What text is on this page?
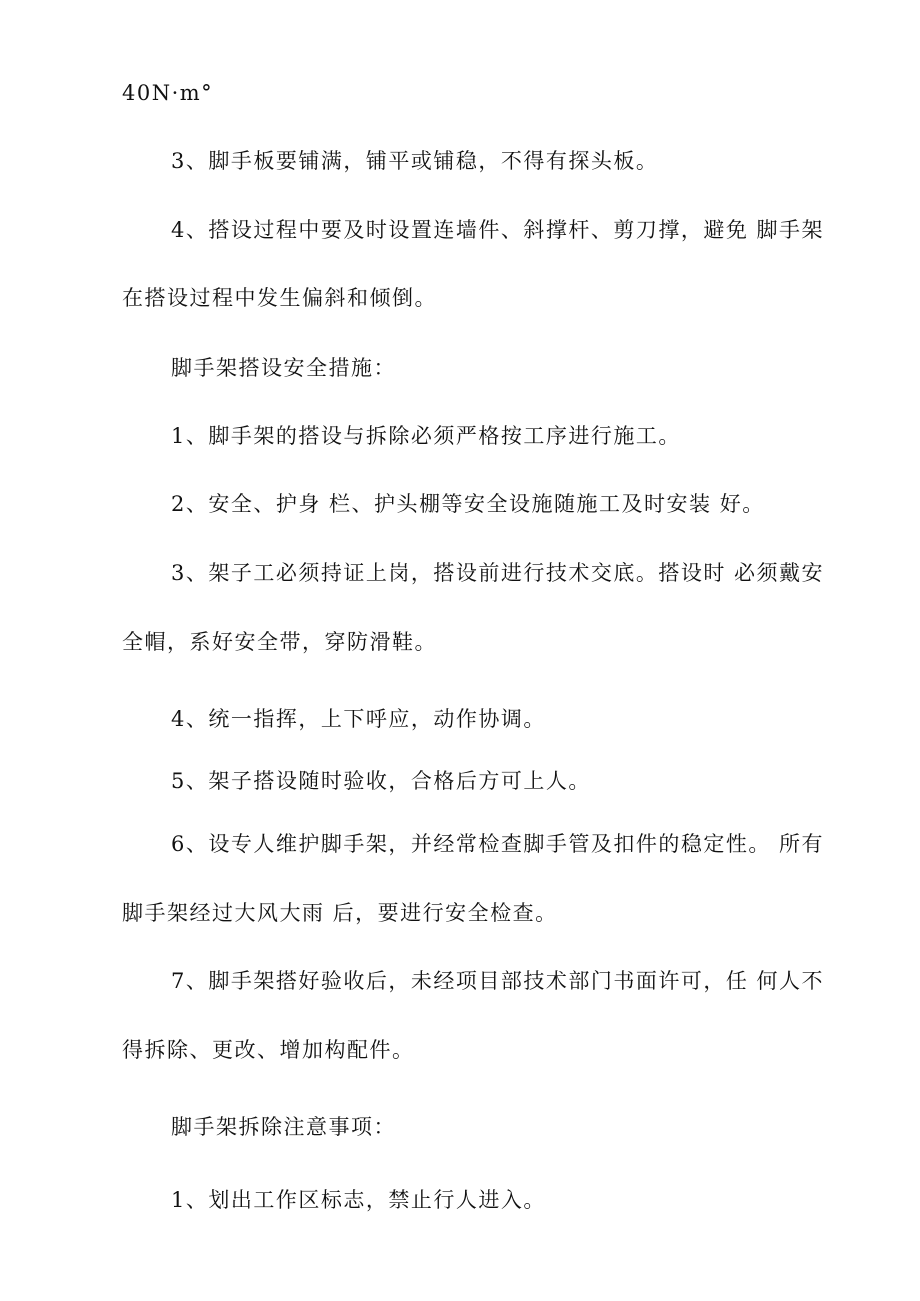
40N·m°
3、脚手板要铺满，铺平或铺稳，不得有探头板。
4、搭设过程中要及时设置连墙件、斜撑杆、剪刀撑，避免 脚手架
在搭设过程中发生偏斜和倾倒。
脚手架搭设安全措施：
1、脚手架的搭设与拆除必须严格按工序进行施工。
2、安全、护身 栏、护头棚等安全设施随施工及时安装 好。
3、架子工必须持证上岗，搭设前进行技术交底。搭设时 必须戴安
全帽，系好安全带，穿防滑鞋。
4、统一指挥，上下呼应，动作协调。
5、架子搭设随时验收，合格后方可上人。
6、设专人维护脚手架，并经常检查脚手管及扣件的稳定性。 所有
脚手架经过大风大雨 后，要进行安全检查。
7、脚手架搭好验收后，未经项目部技术部门书面许可，任 何人不
得拆除、更改、增加构配件。
脚手架拆除注意事项：
1、划出工作区标志，禁止行人进入。
